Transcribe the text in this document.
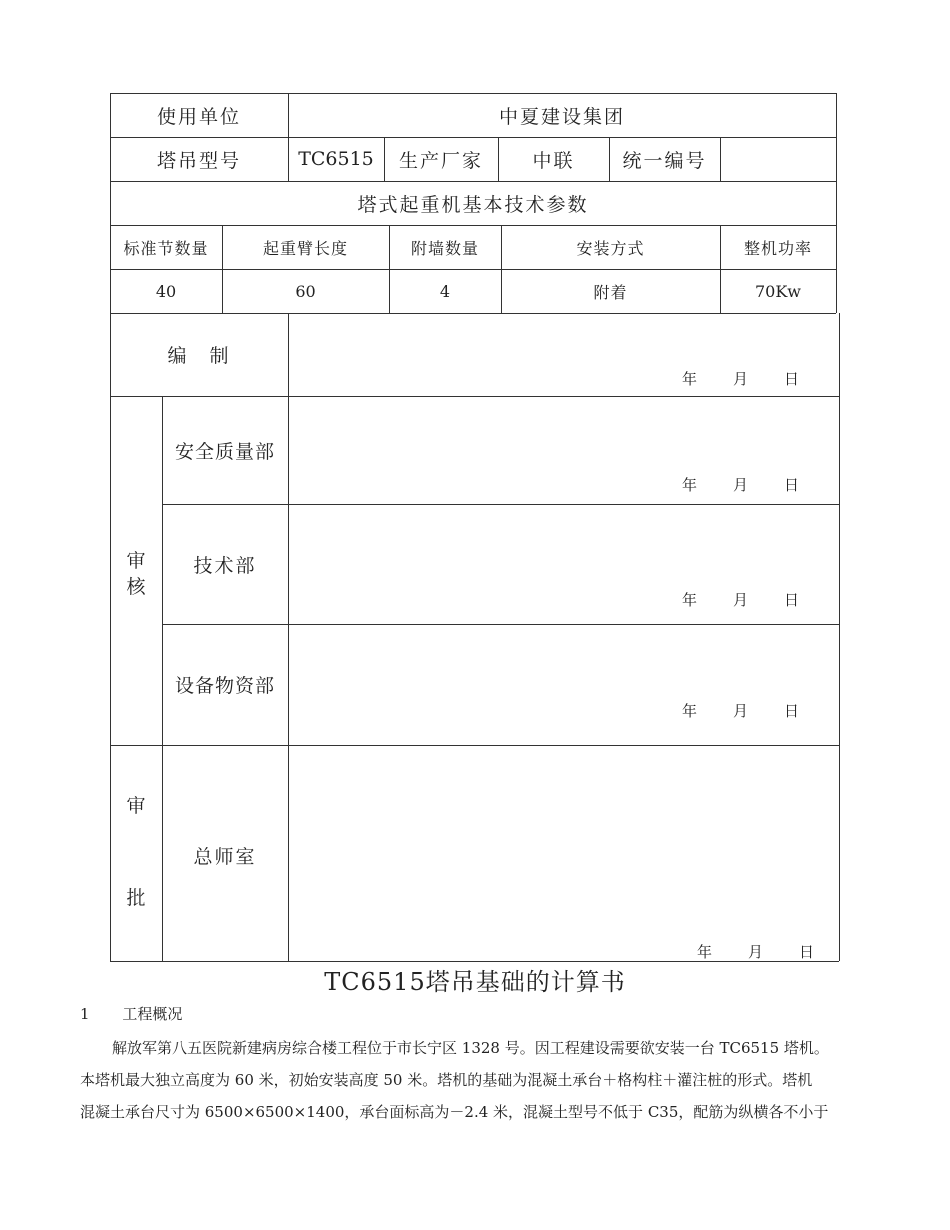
使用单位	中夏建设集团
塔吊型号	TC6515	生产厂家	中联	统一编号
塔式起重机基本技术参数
标准节数量	起重臂长度	附墙数量	安装方式	整机功率
40	60	4	附着	70Kw
编　制
年 月 日
审
核
安全质量部
年 月 日
技术部
年 月 日
设备物资部
年 月 日
审
批
总师室
年 月 日
TC6515塔吊基础的计算书
1 工程概况
解放军第八五医院新建病房综合楼工程位于市长宁区 1328 号。因工程建设需要欲安装一台 TC6515 塔机。
本塔机最大独立高度为 60 米，初始安装高度 50 米。塔机的基础为混凝土承台＋格构柱＋灌注桩的形式。塔机
混凝土承台尺寸为 6500×6500×1400，承台面标高为－2.4 米，混凝土型号不低于 C35，配筋为纵横各不小于
